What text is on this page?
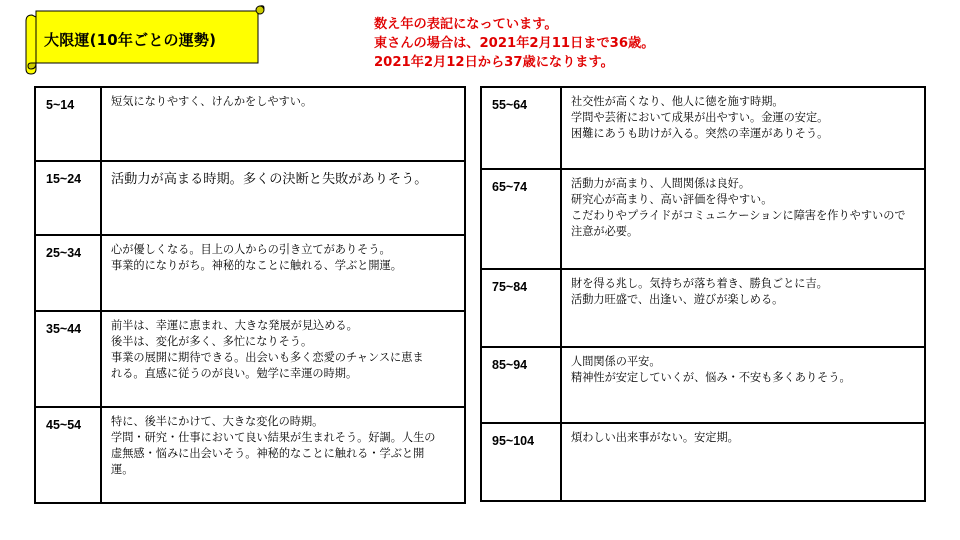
大限運(10年ごとの運勢)
数え年の表記になっています。
東さんの場合は、2021年2月11日まで36歳。
2021年2月12日から37歳になります。
5~14	短気になりやすく、けんかをしやすい。

15~24	活動力が高まる時期。多くの決断と失敗がありそう。

25~34	心が優しくなる。目上の人からの引き立てがありそう。
事業的になりがち。神秘的なことに触れる、学ぶと開運。

35~44	前半は、幸運に恵まれ、大きな発展が見込める。
後半は、変化が多く、多忙になりそう。
事業の展開に期待できる。出会いも多く恋愛のチャンスに恵ま
れる。直感に従うのが良い。勉学に幸運の時期。

45~54	特に、後半にかけて、大きな変化の時期。
学問・研究・仕事において良い結果が生まれそう。好調。人生の
虚無感・悩みに出会いそう。神秘的なことに触れる・学ぶと開
運。
55~64	社交性が高くなり、他人に徳を施す時期。
学問や芸術において成果が出やすい。金運の安定。
困難にあうも助けが入る。突然の幸運がありそう。

65~74	活動力が高まり、人間関係は良好。
研究心が高まり、高い評価を得やすい。
こだわりやプライドがコミュニケーションに障害を作りやすいので
注意が必要。

75~84	財を得る兆し。気持ちが落ち着き、勝負ごとに吉。
活動力旺盛で、出逢い、遊びが楽しめる。

85~94	人間関係の平安。
精神性が安定していくが、悩み・不安も多くありそう。

95~104	煩わしい出来事がない。安定期。
